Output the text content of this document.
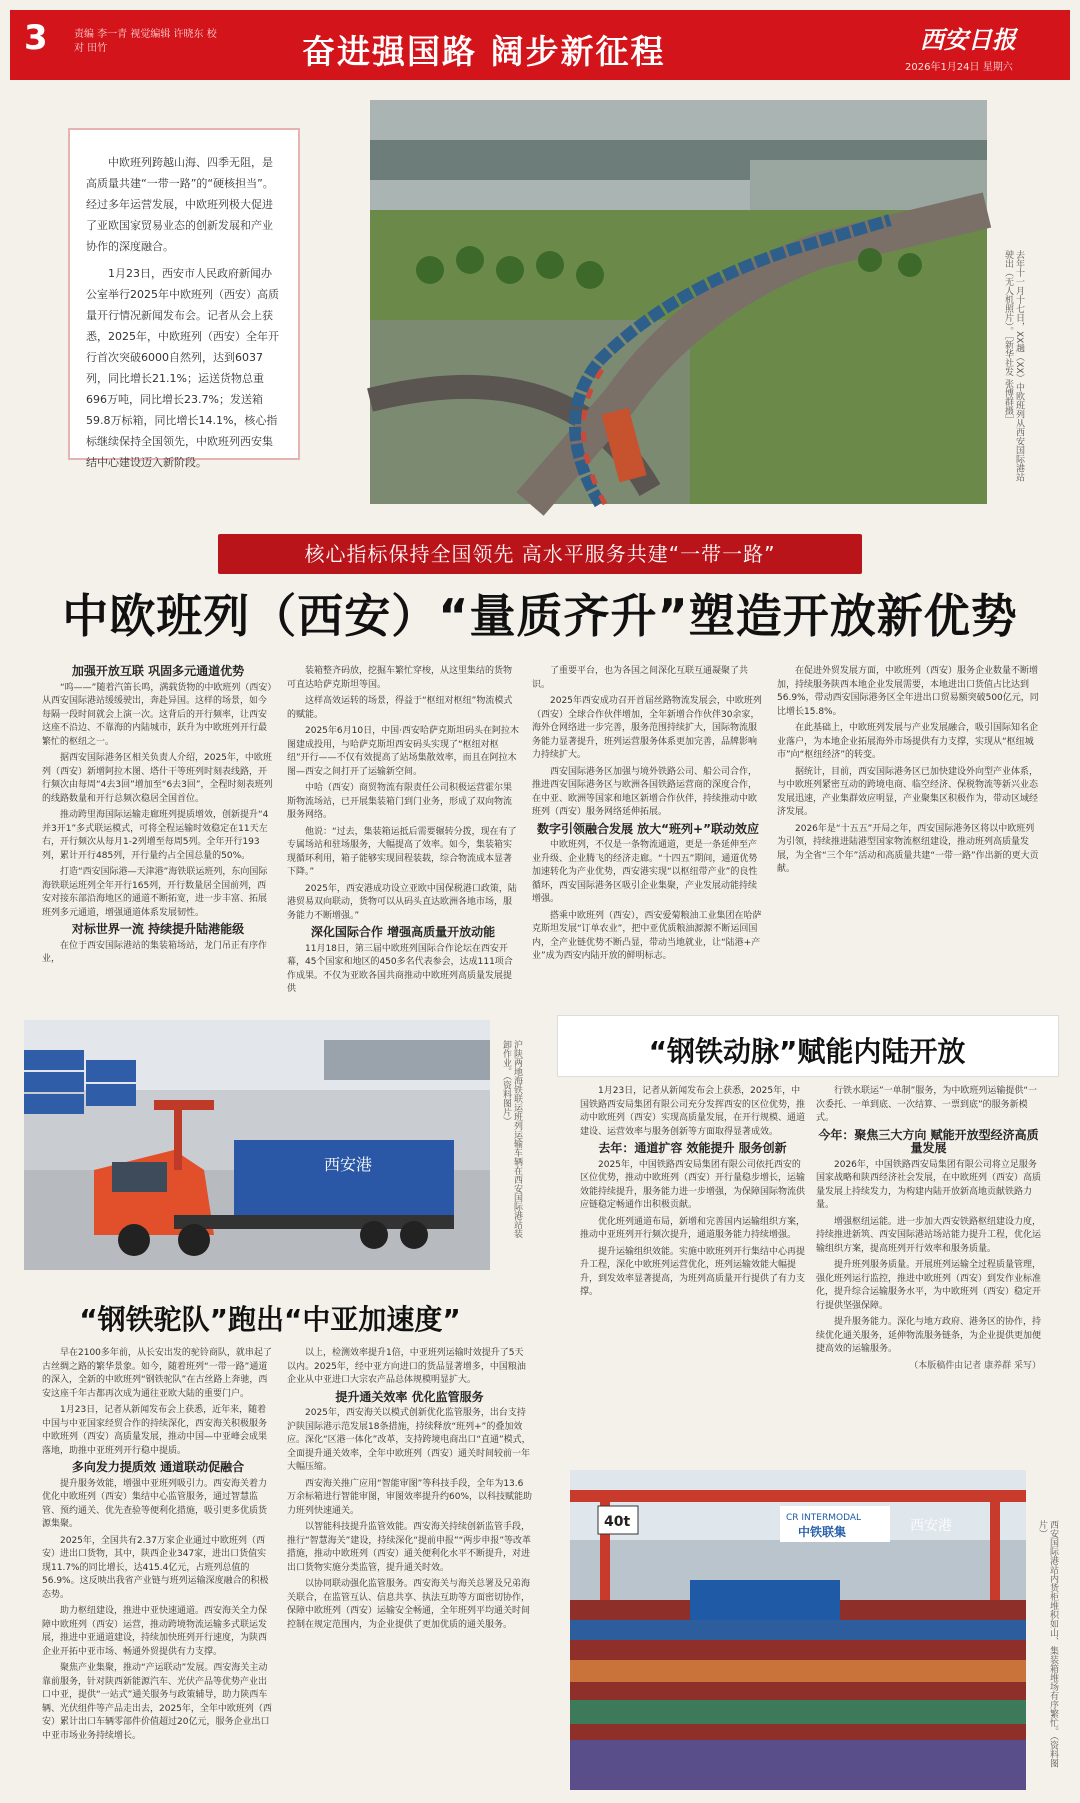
3	责编 李一青 视觉编辑 许晓东 校对 田竹	奋进强国路 阔步新征程	西安日报
2026年1月24日 星期六
去年十一月十七日，XX趟（XX）中欧班列从西安国际港站驶出（无人机照片）。［新华社发 张博群摄］

中欧班列跨越山海、四季无阻，是高质量共建“一带一路”的“硬核担当”。经过多年运营发展，中欧班列极大促进了亚欧国家贸易业态的创新发展和产业协作的深度融合。

1月23日，西安市人民政府新闻办公室举行2025年中欧班列（西安）高质量开行情况新闻发布会。记者从会上获悉，2025年，中欧班列（西安）全年开行首次突破6000自然列，达到6037列，同比增长21.1%；运送货物总重696万吨，同比增长23.7%；发送箱59.8万标箱，同比增长14.1%，核心指标继续保持全国领先，中欧班列西安集结中心建设迈入新阶段。

核心指标保持全国领先 高水平服务共建“一带一路”
中欧班列（西安）“量质齐升”塑造开放新优势

加强开放互联 巩固多元通道优势

“呜——”随着汽笛长鸣，满载货物的中欧班列（西安）从西安国际港站缓缓驶出，奔赴异国。这样的场景，如今每隔一段时间就会上演一次。这背后的开行频率，让西安这座不沿边、不靠海的内陆城市，跃升为中欧班列开行最繁忙的枢纽之一。

据西安国际港务区相关负责人介绍，2025年，中欧班列（西安）新增阿拉木图、塔什干等班列时刻表线路，开行频次由每周“4去3回”增加至“6去3回”，全程时刻表班列的线路数量和开行总频次稳居全国首位。

推动跨里海国际运输走廊班列提质增效，创新提升“4并3开1”多式联运模式，可将全程运输时效稳定在11天左右，开行频次从每月1-2列增至每周5列。全年开行193列，累计开行485列，开行量约占全国总量的50%。

打造“西安国际港—天津港”海铁联运班列，东向国际海铁联运班列全年开行165列，开行数量居全国前列，西安对接东部沿海地区的通道不断拓宽，进一步丰富、拓展班列多元通道，增强通道体系发展韧性。

对标世界一流 持续提升陆港能级

在位于西安国际港站的集装箱场站，龙门吊正有序作业，

装箱整齐码放，挖掘车繁忙穿梭，从这里集结的货物可直达哈萨克斯坦等国。

这样高效运转的场景，得益于“枢纽对枢纽”物流模式的赋能。

2025年6月10日，中国·西安哈萨克斯坦码头在阿拉木图建成投用，与哈萨克斯坦西安码头实现了“枢纽对枢纽”开行——不仅有效提高了站场集散效率，而且在阿拉木图—西安之间打开了运输新空间。

中哈（西安）商贸物流有限责任公司积极运营霍尔果斯物流场站，已开展集装箱门到门业务，形成了双向物流服务网络。

他说：“过去，集装箱运抵后需要辗转分拨，现在有了专属场站和驻场服务，大幅提高了效率。如今，集装箱实现循环利用，箱子能够实现回程装载，综合物流成本显著下降。”

2025年，西安港成功设立亚欧中国保税港口政策，陆港贸易双向联动，货物可以从码头直达欧洲各地市场，服务能力不断增强。”

深化国际合作 增强高质量开放动能

11月18日，第三届中欧班列国际合作论坛在西安开幕，45个国家和地区的450多名代表参会，达成111项合作成果。不仅为亚欧各国共商推动中欧班列高质量发展提供

了重要平台，也为各国之间深化互联互通凝聚了共识。

2025年西安成功召开首届丝路物流发展会，中欧班列（西安）全球合作伙伴增加，全年新增合作伙伴30余家，海外仓网络进一步完善，服务范围持续扩大，国际物流服务能力显著提升，班列运营服务体系更加完善，品牌影响力持续扩大。

西安国际港务区加强与境外铁路公司、船公司合作，推进西安国际港务区与欧洲各国铁路运营商的深度合作，在中亚、欧洲等国家和地区新增合作伙伴，持续推动中欧班列（西安）服务网络延伸拓展。

数字引领融合发展 放大“班列+”联动效应

中欧班列，不仅是一条物流通道，更是一条延伸至产业升级、企业腾飞的经济走廊。“十四五”期间，通道优势加速转化为产业优势，西安港实现“以枢纽带产业”的良性循环，西安国际港务区吸引企业集聚，产业发展动能持续增强。

搭乘中欧班列（西安），西安爱菊粮油工业集团在哈萨克斯坦发展“订单农业”，把中亚优质粮油源源不断运回国内，全产业链优势不断凸显，带动当地就业，让“陆港+产业”成为西安内陆开放的鲜明标志。

在促进外贸发展方面，中欧班列（西安）服务企业数量不断增加，持续服务陕西本地企业发展需要，本地进出口货值占比达到56.9%，带动西安国际港务区全年进出口贸易额突破500亿元，同比增长15.8%。

在此基础上，中欧班列发展与产业发展融合，吸引国际知名企业落户，为本地企业拓展海外市场提供有力支撑，实现从“枢纽城市”向“枢纽经济”的转变。

据统计，目前，西安国际港务区已加快建设外向型产业体系，与中欧班列紧密互动的跨境电商、临空经济、保税物流等新兴业态发展迅速，产业集群效应明显，产业聚集区积极作为，带动区域经济发展。

2026年是“十五五”开局之年，西安国际港务区将以中欧班列为引领，持续推进陆港型国家物流枢纽建设，推动班列高质量发展，为全省“三个年”活动和高质量共建“一带一路”作出新的更大贡献。

西安港	沪陕两地海铁联运班列运输车辆在西安国际港站装卸作业。（资料图片）
“钢铁驼队”跑出“中亚加速度”

早在2100多年前，从长安出发的驼铃商队，就串起了古丝绸之路的繁华景象。如今，随着班列“一带一路”通道的深入，全新的中欧班列“钢铁驼队”在古丝路上奔驰，西安这座千年古都再次成为通往亚欧大陆的重要门户。

1月23日，记者从新闻发布会上获悉，近年来，随着中国与中亚国家经贸合作的持续深化，西安海关积极服务中欧班列（西安）高质量发展，推动中国—中亚峰会成果落地，助推中亚班列开行稳中提质。

多向发力提质效 通道联动促融合

提升服务效能，增强中亚班列吸引力。西安海关着力优化中欧班列（西安）集结中心监管服务，通过智慧监管、预约通关、优先查验等便利化措施，吸引更多优质货源集聚。

2025年，全国共有2.37万家企业通过中欧班列（西安）进出口货物，其中，陕西企业347家，进出口货值实现11.7%的同比增长，达415.4亿元，占班列总值的56.9%。这反映出我省产业链与班列运输深度融合的积极态势。

助力枢纽建设，推进中亚快速通道。西安海关全力保障中欧班列（西安）运营，推动跨境物流运输多式联运发展，推进中亚通道建设，持续加快班列开行速度，为陕西企业开拓中亚市场、畅通外贸提供有力支撑。

聚焦产业集聚，推动“产运联动”发展。西安海关主动靠前服务，针对陕西新能源汽车、光伏产品等优势产业出口中亚，提供“一站式”通关服务与政策辅导，助力陕西车辆、光伏组件等产品走出去，2025年，全年中欧班列（西安）累计出口车辆零部件价值超过20亿元，服务企业出口中亚市场业务持续增长。

以上，检测效率提升1倍，中亚班列运输时效提升了5天以内。2025年，经中亚方向进口的货品显著增多，中国粮油企业从中亚进口大宗农产品总体规模明显扩大。

提升通关效率 优化监管服务

2025年，西安海关以模式创新优化监管服务，出台支持沪陕国际港示范发展18条措施，持续释放“班列+”的叠加效应。深化“区港一体化”改革，支持跨境电商出口“直通”模式，全面提升通关效率，全年中欧班列（西安）通关时间较前一年大幅压缩。

西安海关推广应用“智能审图”等科技手段，全年为13.6万余标箱进行智能审图，审图效率提升约60%，以科技赋能助力班列快速通关。

以智能科技提升监管效能。西安海关持续创新监管手段，推行“智慧海关”建设，持续深化“提前申报”“两步申报”等改革措施，推动中欧班列（西安）通关便利化水平不断提升，对进出口货物实施分类监管，提升通关时效。

以协同联动强化监管服务。西安海关与海关总署及兄弟海关联合，在监管互认、信息共享、执法互助等方面密切协作，保障中欧班列（西安）运输安全畅通，全年班列平均通关时间控制在规定范围内，为企业提供了更加优质的通关服务。

“钢铁动脉”赋能内陆开放

1月23日，记者从新闻发布会上获悉，2025年，中国铁路西安局集团有限公司充分发挥西安的区位优势，推动中欧班列（西安）实现高质量发展，在开行规模、通道建设、运营效率与服务创新等方面取得显著成效。

去年：通道扩容 效能提升 服务创新

2025年，中国铁路西安局集团有限公司依托西安的区位优势，推动中欧班列（西安）开行量稳步增长，运输效能持续提升，服务能力进一步增强，为保障国际物流供应链稳定畅通作出积极贡献。

优化班列通道布局，新增和完善国内运输组织方案，推动中亚班列开行频次提升，通道服务能力持续增强。

提升运输组织效能。实施中欧班列开行集结中心再提升工程，深化中欧班列运营优化，班列运输效能大幅提升，到发效率显著提高，为班列高质量开行提供了有力支撑。

行铁水联运”一单制”服务，为中欧班列运输提供“一次委托、一单到底、一次结算、一票到底”的服务新模式。

今年：聚焦三大方向 赋能开放型经济高质量发展

2026年，中国铁路西安局集团有限公司将立足服务国家战略和陕西经济社会发展，在中欧班列（西安）高质量发展上持续发力，为构建内陆开放新高地贡献铁路力量。

增强枢纽运能。进一步加大西安铁路枢纽建设力度，持续推进新筑、西安国际港站场站能力提升工程，优化运输组织方案，提高班列开行效率和服务质量。

提升班列服务质量。开展班列运输全过程质量管理，强化班列运行监控，推进中欧班列（西安）到发作业标准化，提升综合运输服务水平，为中欧班列（西安）稳定开行提供坚强保障。

提升服务能力。深化与地方政府、港务区的协作，持续优化通关服务，延伸物流服务链条，为企业提供更加便捷高效的运输服务。

（本版稿件由记者 康养群 采写）
40t	CR INTERMODAL
中铁联集	西安港	西安国际港站内货柜堆积如山、集装箱堆场有序繁忙。（资料图片）
